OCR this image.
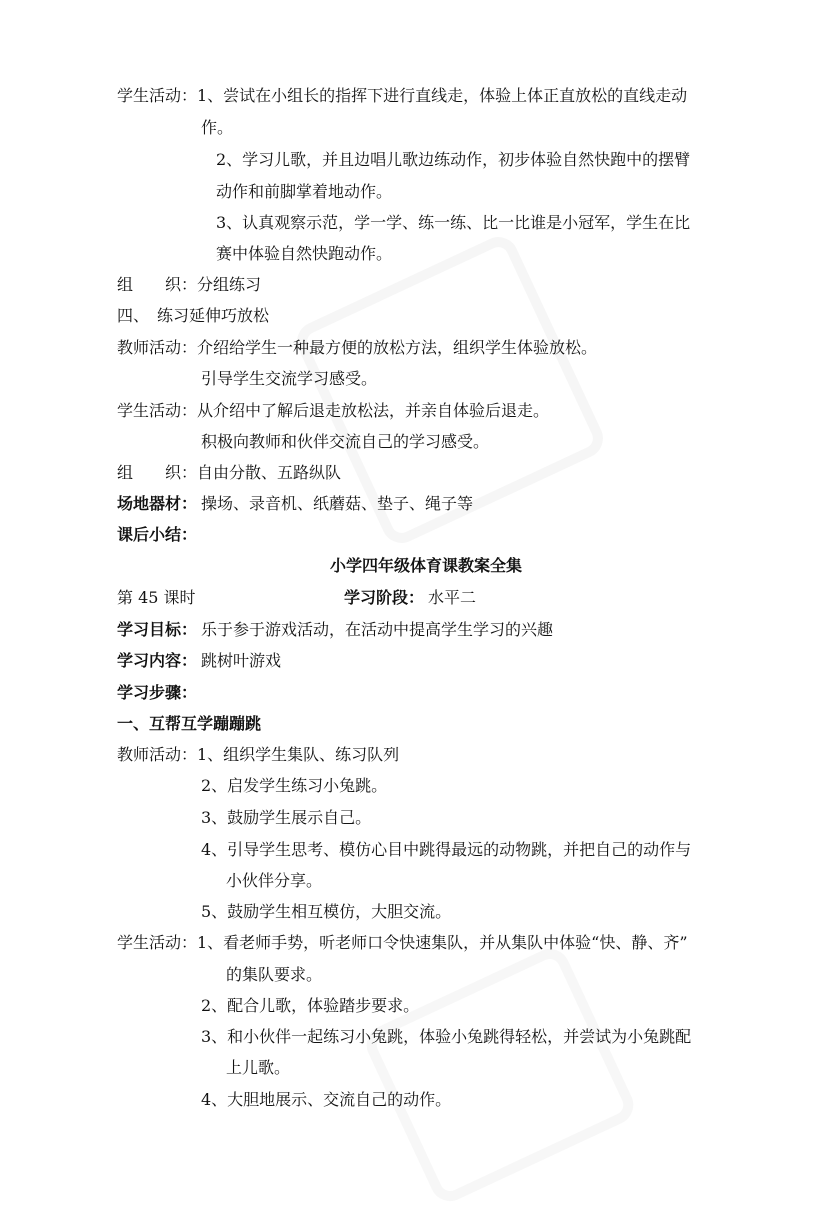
学生活动：1、尝试在小组长的指挥下进行直线走，体验上体正直放松的直线走动
作。
2、学习儿歌，并且边唱儿歌边练动作，初步体验自然快跑中的摆臂
动作和前脚掌着地动作。
3、认真观察示范，学一学、练一练、比一比谁是小冠军，学生在比
赛中体验自然快跑动作。
组　　织：分组练习
四、　练习延伸巧放松
教师活动：介绍给学生一种最方便的放松方法，组织学生体验放松。
引导学生交流学习感受。
学生活动：从介绍中了解后退走放松法，并亲自体验后退走。
积极向教师和伙伴交流自己的学习感受。
组　　织：自由分散、五路纵队
场地器材： 操场、录音机、纸蘑菇、垫子、绳子等
课后小结：
小学四年级体育课教案全集
第 45 课时	学习阶段： 水平二
学习目标： 乐于参于游戏活动，在活动中提高学生学习的兴趣
学习内容： 跳树叶游戏
学习步骤：
一、互帮互学蹦蹦跳
教师活动：1、组织学生集队、练习队列
2、启发学生练习小兔跳。
3、鼓励学生展示自己。
4、引导学生思考、模仿心目中跳得最远的动物跳，并把自己的动作与
小伙伴分享。
5、鼓励学生相互模仿，大胆交流。
学生活动：1、看老师手势，听老师口令快速集队，并从集队中体验“快、静、齐”
的集队要求。
2、配合儿歌，体验踏步要求。
3、和小伙伴一起练习小兔跳，体验小兔跳得轻松，并尝试为小兔跳配
上儿歌。
4、大胆地展示、交流自己的动作。
